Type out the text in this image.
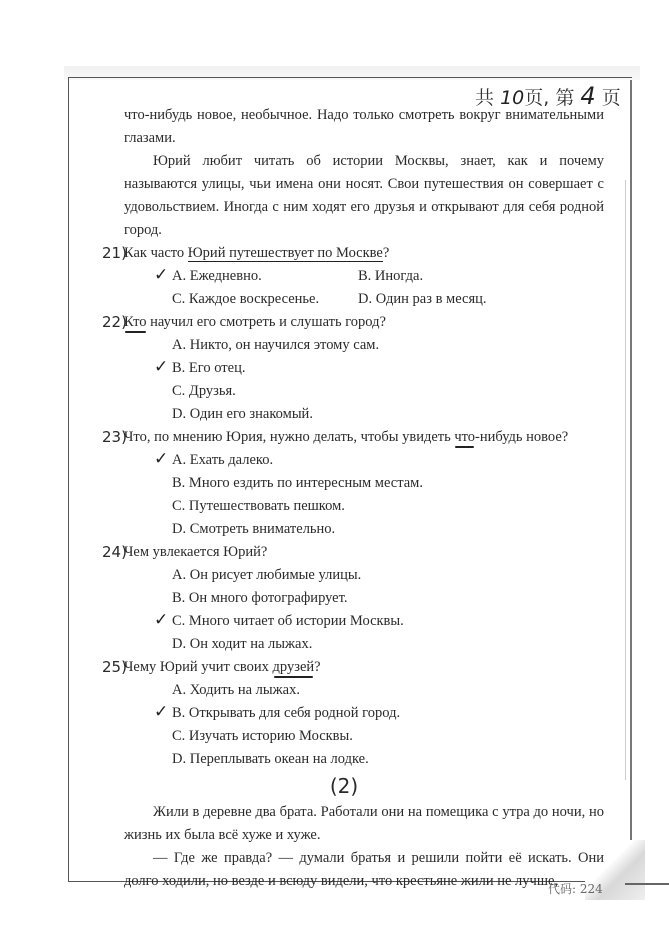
共 10页, 第 4 页

что-нибудь новое, необычное. Надо только смотреть вокруг внимательными глазами.

Юрий любит читать об истории Москвы, знает, как и почему называются улицы, чьи имена они носят. Свои путешествия он совершает с удовольствием. Иногда с ним ходят его друзья и открывают для себя родной город.

21)
Как часто Юрий путешествует по Москве?
✓ A. Ежедневно.	B. Иногда.
C. Каждое воскресенье.	D. Один раз в месяц.
22)
Кто научил его смотреть и слушать город?
A. Никто, он научился этому сам.
✓ B. Его отец.
C. Друзья.
D. Один его знакомый.
23)
Что, по мнению Юрия, нужно делать, чтобы увидеть что-нибудь новое?
✓ A. Ехать далеко.
B. Много ездить по интересным местам.
C. Путешествовать пешком.
D. Смотреть внимательно.
24)
Чем увлекается Юрий?
A. Он рисует любимые улицы.
B. Он много фотографирует.
✓ C. Много читает об истории Москвы.
D. Он ходит на лыжах.
25)
Чему Юрий учит своих друзей?
A. Ходить на лыжах.
✓ B. Открывать для себя родной город.
C. Изучать историю Москвы.
D. Переплывать океан на лодке.
(2)

Жили в деревне два брата. Работали они на помещика с утра до ночи, но жизнь их была всё хуже и хуже.

— Где же правда? — думали братья и решили пойти её искать. Они долго ходили, но везде и всюду видели, что крестьяне жили не лучше,

代码: 224
